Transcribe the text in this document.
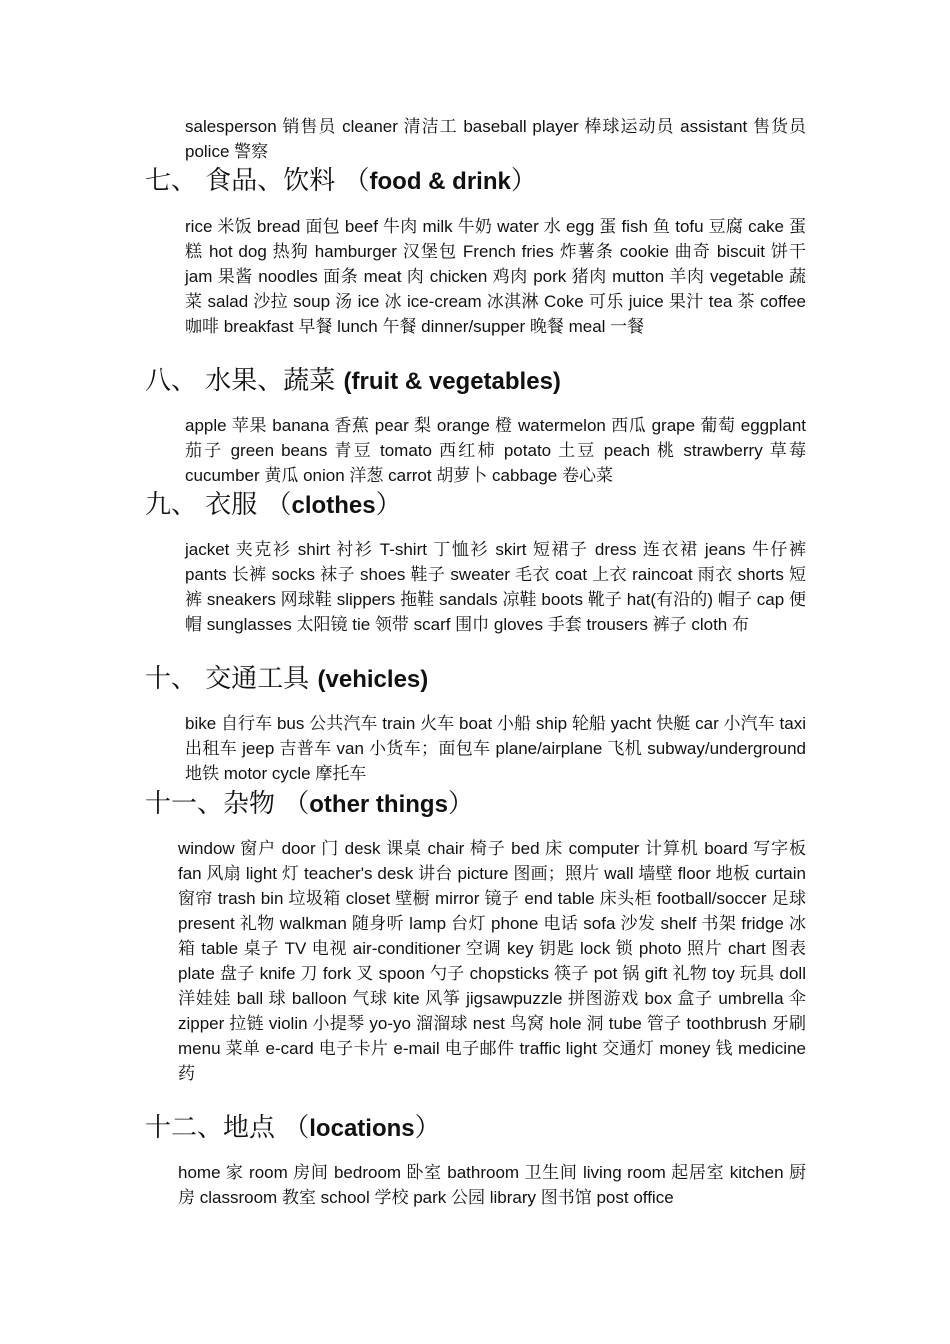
salesperson 销售员 cleaner 清洁工 baseball player 棒球运动员 assistant 售货员 police 警察

七、 食品、饮料 （food & drink）

rice 米饭 bread 面包 beef 牛肉 milk 牛奶 water 水 egg 蛋 fish 鱼 tofu 豆腐 cake 蛋糕 hot dog 热狗 hamburger 汉堡包 French fries 炸薯条 cookie 曲奇 biscuit 饼干 jam 果酱 noodles 面条 meat 肉 chicken 鸡肉 pork 猪肉 mutton 羊肉 vegetable 蔬菜 salad 沙拉 soup 汤 ice 冰 ice-cream 冰淇淋 Coke 可乐 juice 果汁 tea 茶 coffee 咖啡 breakfast 早餐 lunch 午餐 dinner/supper 晚餐 meal 一餐

八、 水果、蔬菜 (fruit & vegetables)

apple 苹果 banana 香蕉 pear 梨 orange 橙 watermelon 西瓜 grape 葡萄 eggplant 茄子 green beans 青豆 tomato 西红柿 potato 土豆 peach 桃 strawberry 草莓 cucumber 黄瓜 onion 洋葱 carrot 胡萝卜 cabbage 卷心菜

九、 衣服 （clothes）

jacket 夹克衫 shirt 衬衫 T-shirt 丁恤衫 skirt 短裙子 dress 连衣裙 jeans 牛仔裤 pants 长裤 socks 袜子 shoes 鞋子 sweater 毛衣 coat 上衣 raincoat 雨衣 shorts 短裤 sneakers 网球鞋 slippers 拖鞋 sandals 凉鞋 boots 靴子 hat(有沿的) 帽子 cap 便帽 sunglasses 太阳镜 tie 领带 scarf 围巾 gloves 手套 trousers 裤子 cloth 布

十、 交通工具 (vehicles)

bike 自行车 bus 公共汽车 train 火车 boat 小船 ship 轮船 yacht 快艇 car 小汽车 taxi 出租车 jeep 吉普车 van 小货车；面包车 plane/airplane 飞机 subway/underground 地铁 motor cycle 摩托车

十一、杂物 （other things）

window 窗户 door 门 desk 课桌 chair 椅子 bed 床 computer 计算机 board 写字板 fan 风扇 light 灯 teacher's desk 讲台 picture 图画；照片 wall 墙壁 floor 地板 curtain 窗帘 trash bin 垃圾箱 closet 壁橱 mirror 镜子 end table 床头柜 football/soccer 足球 present 礼物 walkman 随身听 lamp 台灯 phone 电话 sofa 沙发 shelf 书架 fridge 冰箱 table 桌子 TV 电视 air-conditioner 空调 key 钥匙 lock 锁 photo 照片 chart 图表 plate 盘子 knife 刀 fork 叉 spoon 勺子 chopsticks 筷子 pot 锅 gift 礼物 toy 玩具 doll 洋娃娃 ball 球 balloon 气球 kite 风筝 jigsawpuzzle 拼图游戏 box 盒子 umbrella 伞 zipper 拉链 violin 小提琴 yo-yo 溜溜球 nest 鸟窝 hole 洞 tube 管子 toothbrush 牙刷 menu 菜单 e-card 电子卡片 e-mail 电子邮件 traffic light 交通灯 money 钱 medicine 药

十二、地点 （locations）

home 家 room 房间 bedroom 卧室 bathroom 卫生间 living room 起居室 kitchen 厨房 classroom 教室 school 学校 park 公园 library 图书馆 post office
